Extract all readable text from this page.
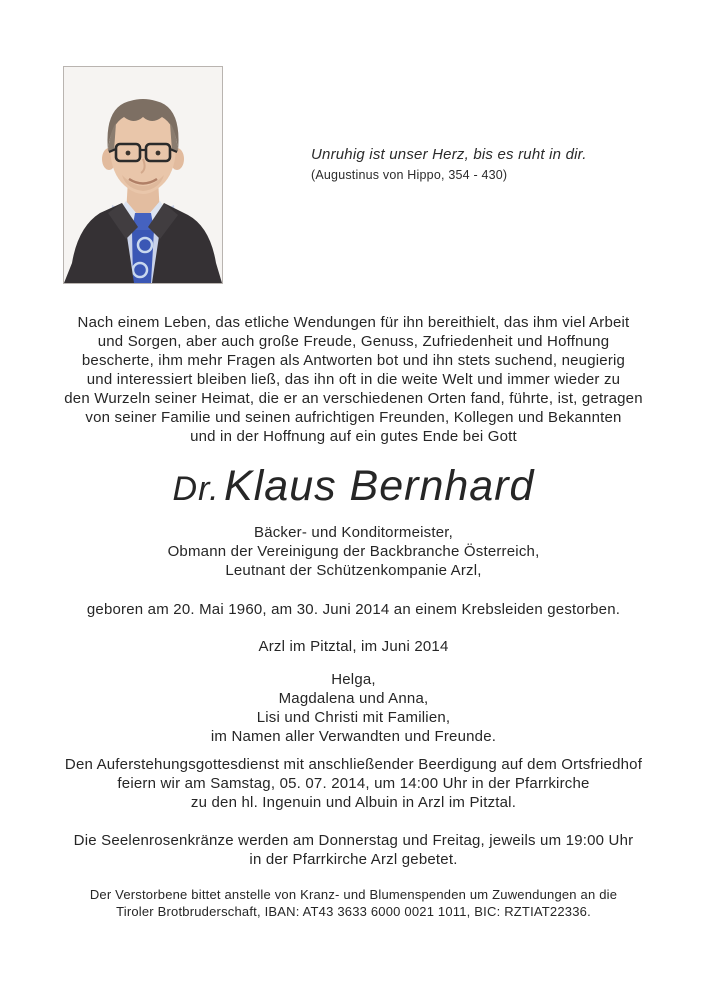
Unruhig ist unser Herz, bis es ruht in dir.
(Augustinus von Hippo, 354 - 430)
Nach einem Leben, das etliche Wendungen für ihn bereithielt, das ihm viel Arbeit
und Sorgen, aber auch große Freude, Genuss, Zufriedenheit und Hoffnung
bescherte, ihm mehr Fragen als Antworten bot und ihn stets suchend, neugierig
und interessiert bleiben ließ, das ihn oft in die weite Welt und immer wieder zu
den Wurzeln seiner Heimat, die er an verschiedenen Orten fand, führte, ist, getragen
von seiner Familie und seinen aufrichtigen Freunden, Kollegen und Bekannten
und in der Hoffnung auf ein gutes Ende bei Gott
Dr. Klaus Bernhard
Bäcker- und Konditormeister,
Obmann der Vereinigung der Backbranche Österreich,
Leutnant der Schützenkompanie Arzl,
geboren am 20. Mai 1960, am 30. Juni 2014 an einem Krebsleiden gestorben.
Arzl im Pitztal, im Juni 2014
Helga,
Magdalena und Anna,
Lisi und Christi mit Familien,
im Namen aller Verwandten und Freunde.
Den Auferstehungsgottesdienst mit anschließender Beerdigung auf dem Ortsfriedhof
feiern wir am Samstag, 05. 07. 2014, um 14:00 Uhr in der Pfarrkirche
zu den hl. Ingenuin und Albuin in Arzl im Pitztal.
Die Seelenrosenkränze werden am Donnerstag und Freitag, jeweils um 19:00 Uhr
in der Pfarrkirche Arzl gebetet.
Der Verstorbene bittet anstelle von Kranz- und Blumenspenden um Zuwendungen an die
Tiroler Brotbruderschaft, IBAN: AT43 3633 6000 0021 1011, BIC: RZTIAT22336.
